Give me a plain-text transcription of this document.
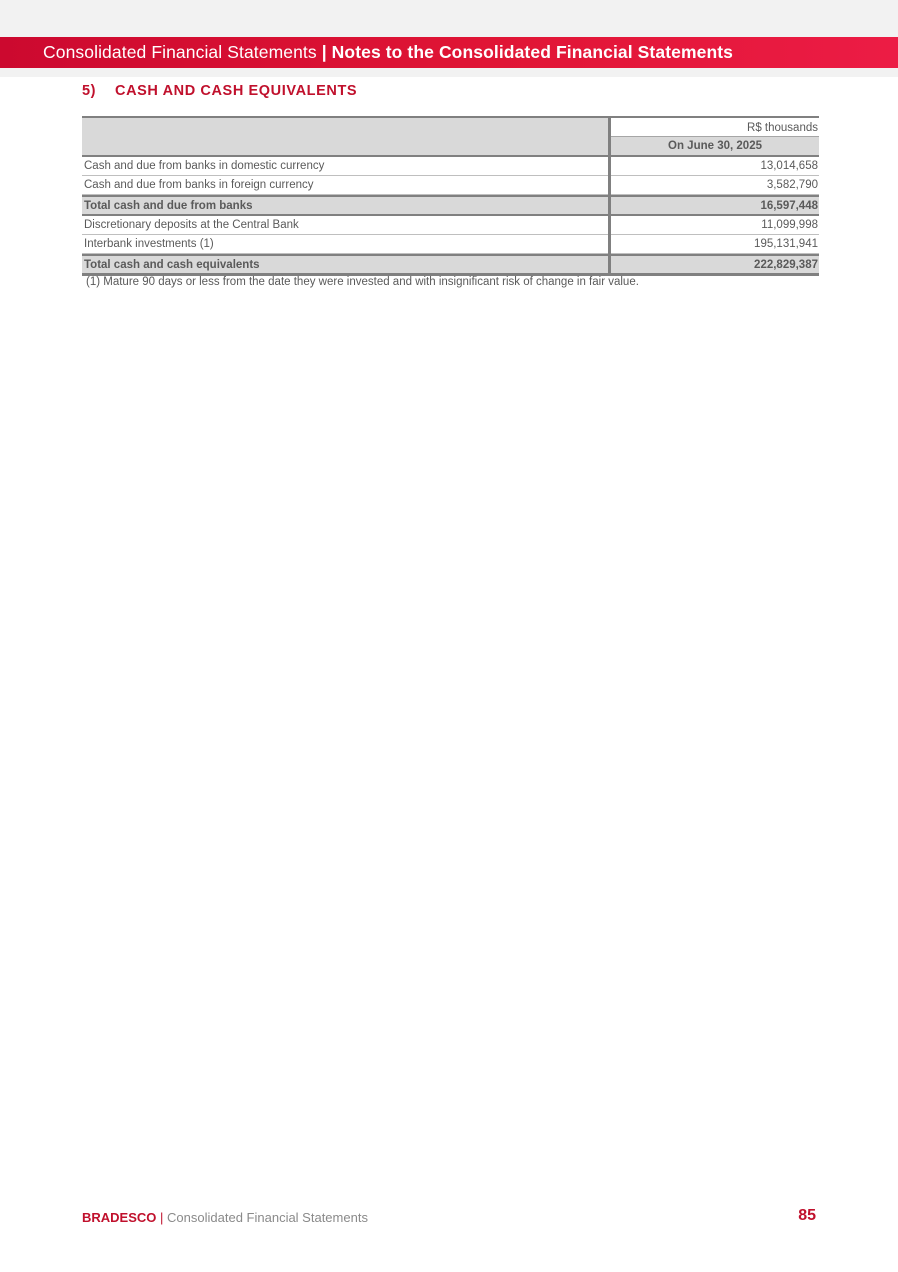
Consolidated Financial Statements | Notes to the Consolidated Financial Statements
5) CASH AND CASH EQUIVALENTS
R$ thousands
On June 30, 2025
Cash and due from banks in domestic currency	13,014,658
Cash and due from banks in foreign currency	3,582,790
Total cash and due from banks	16,597,448
Discretionary deposits at the Central Bank	11,099,998
Interbank investments (1)	195,131,941
Total cash and cash equivalents	222,829,387
(1) Mature 90 days or less from the date they were invested and with insignificant risk of change in fair value.
BRADESCO | Consolidated Financial Statements	85
